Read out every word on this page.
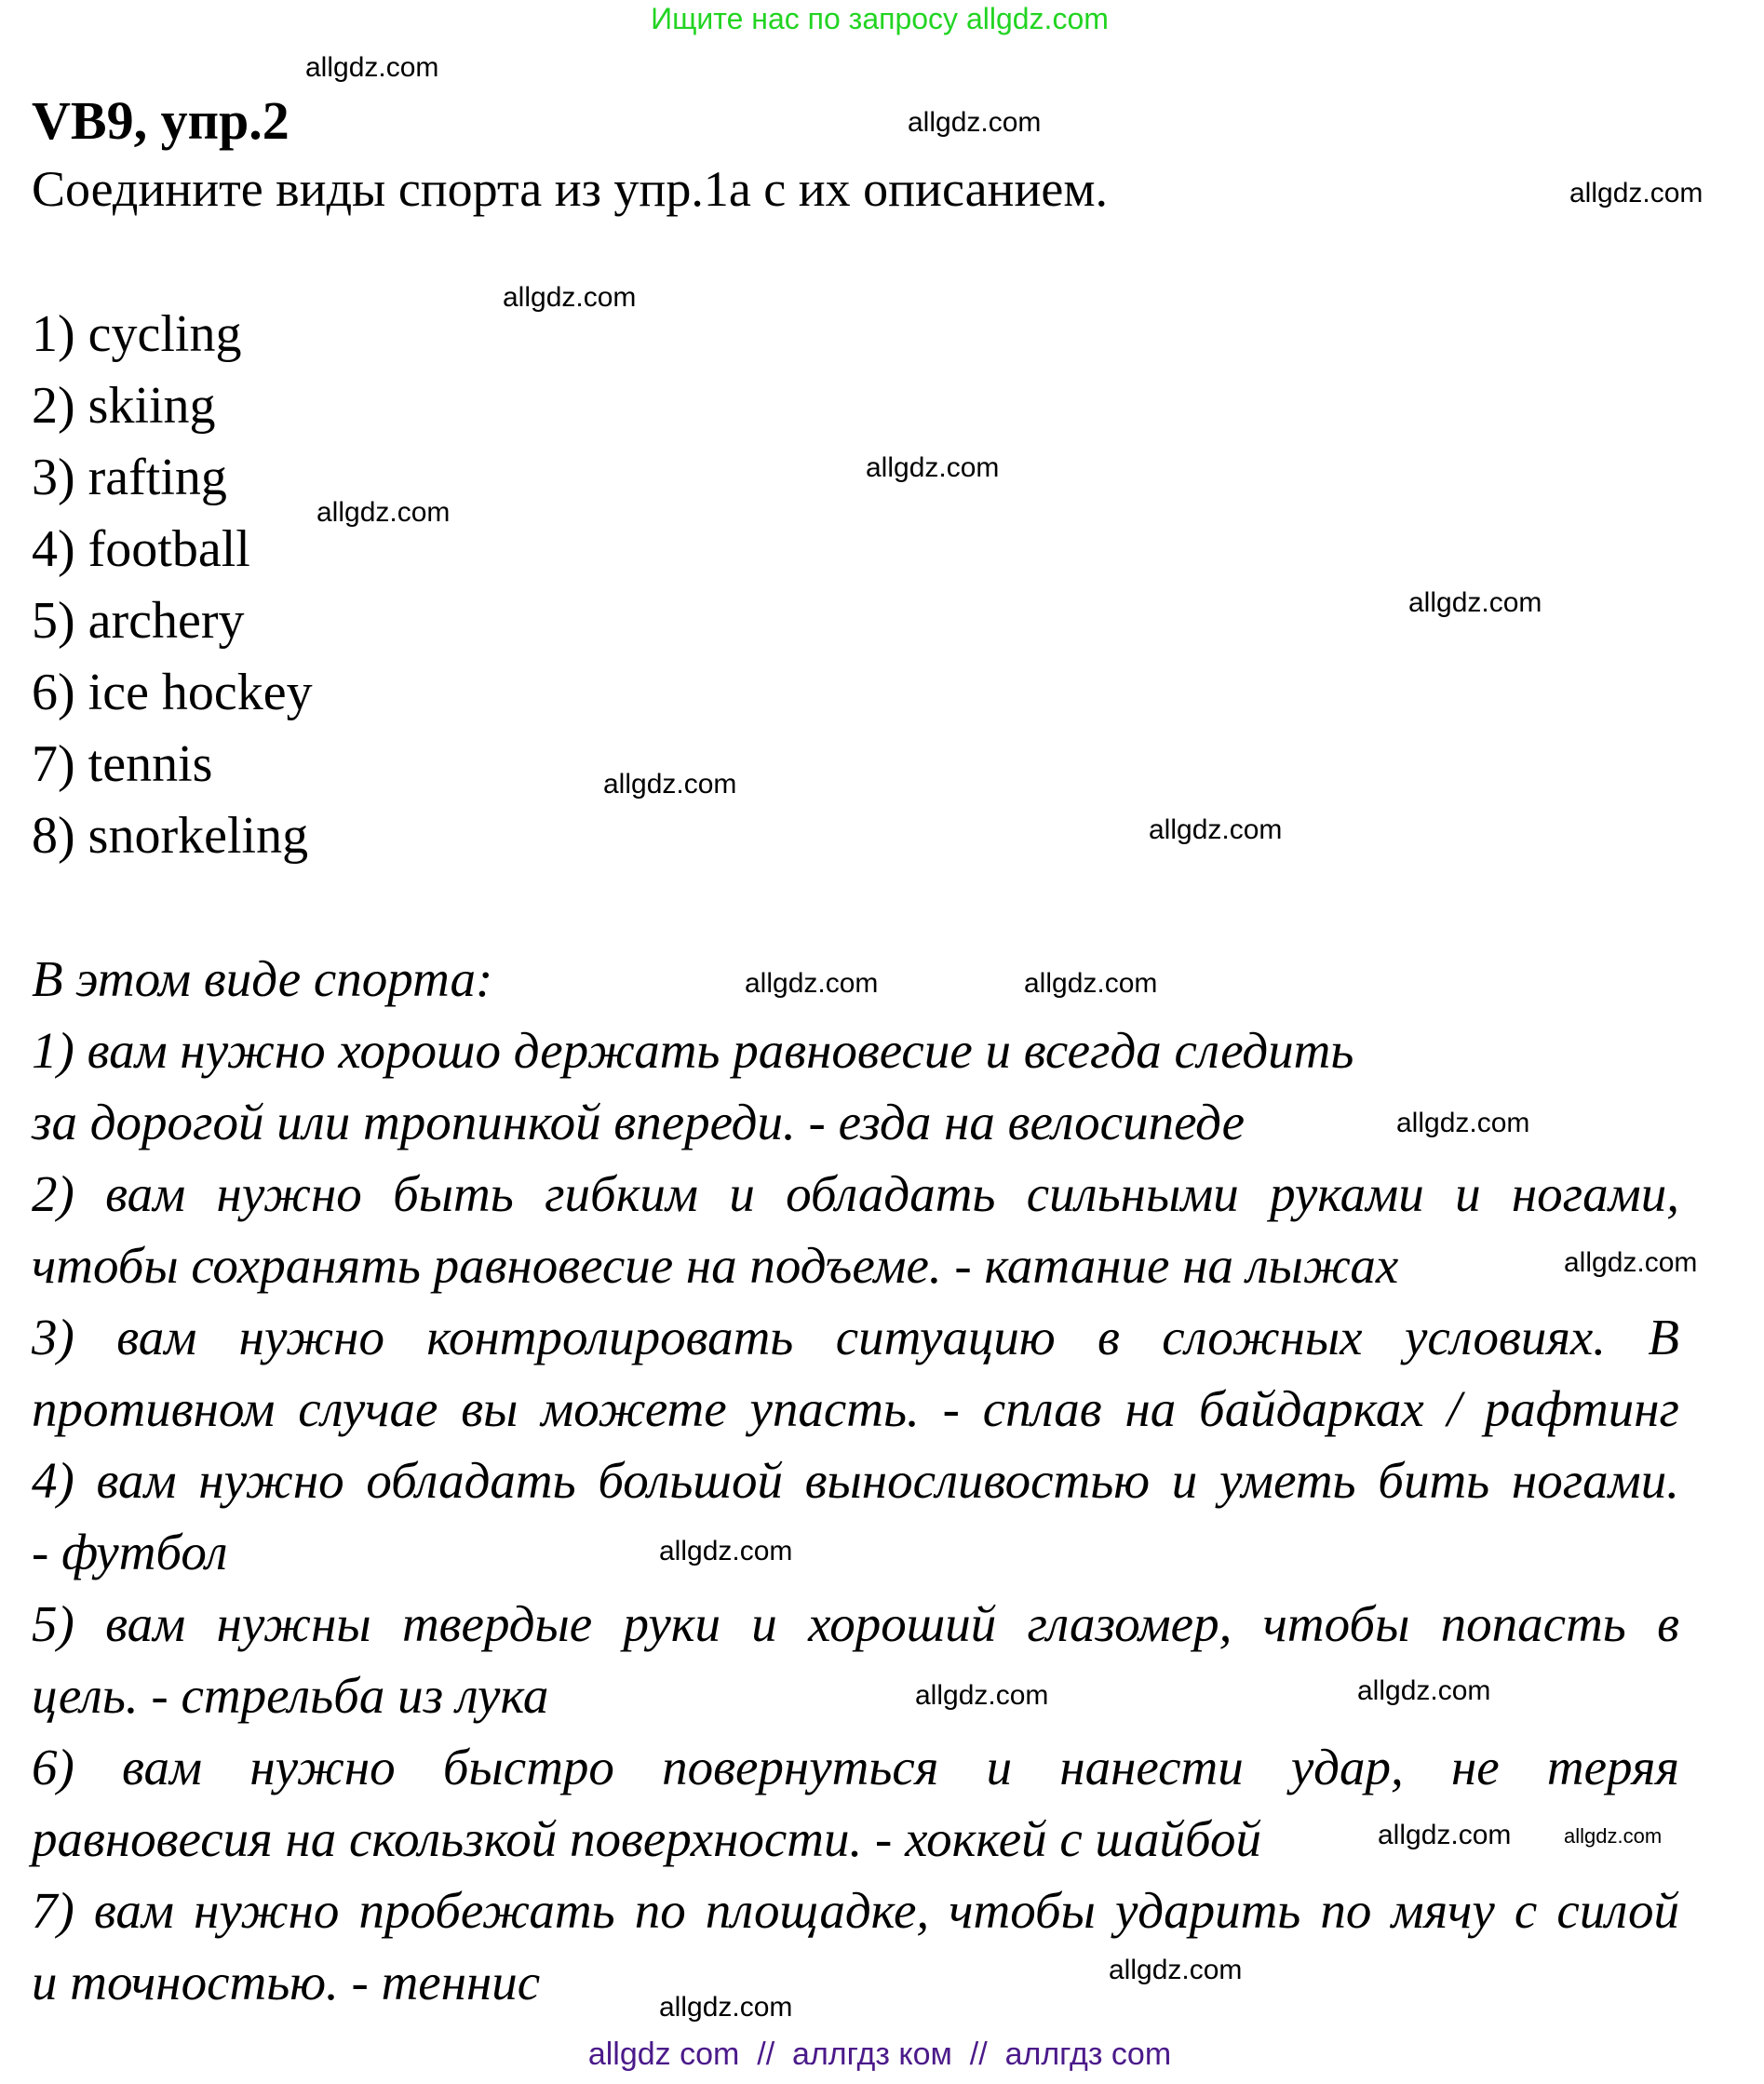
Ищите нас по запросу allgdz.com
VB9, упр.2
Соедините виды спорта из упр.1а с их описанием.
1) cycling
2) skiing
3) rafting
4) football
5) archery
6) ice hockey
7) tennis
8) snorkeling
В этом виде спорта:
1) вам нужно хорошо держать равновесие и всегда следить
за дорогой или тропинкой впереди. - езда на велосипеде
2) вам нужно быть гибким и обладать сильными руками и ногами,
чтобы сохранять равновесие на подъеме. - катание на лыжах
3) вам нужно контролировать ситуацию в сложных условиях. В
противном случае вы можете упасть. - сплав на байдарках / рафтинг
4) вам нужно обладать большой выносливостью и уметь бить ногами.
- футбол
5) вам нужны твердые руки и хороший глазомер, чтобы попасть в
цель. - стрельба из лука
6) вам нужно быстро повернуться и нанести удар, не теряя
равновесия на скользкой поверхности. - хоккей с шайбой
7) вам нужно пробежать по площадке, чтобы ударить по мячу с силой
и точностью. - теннис
allgdz.com
allgdz.com
allgdz.com
allgdz.com
allgdz.com
allgdz.com
allgdz.com
allgdz.com
allgdz.com
allgdz.com	allgdz.com
allgdz.com
allgdz.com
allgdz.com
allgdz.com
allgdz.com
allgdz.com	allgdz.com
allgdz.com
allgdz.com
allgdz com  //  аллгдз ком  //  аллгдз com
